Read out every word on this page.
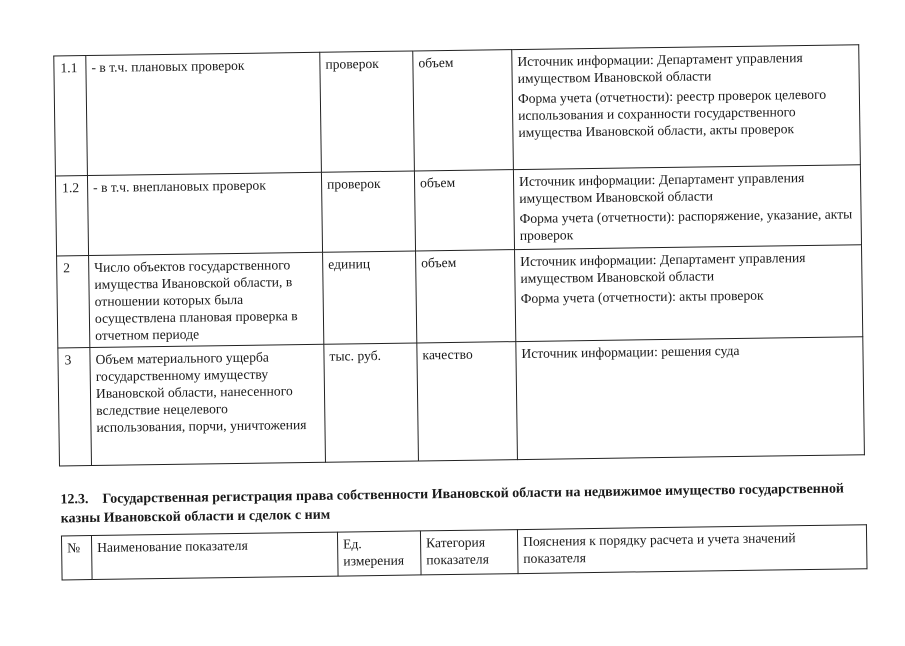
1.1	- в т.ч. плановых проверок	проверок	объем	Источник информации: Департамент управления имуществом Ивановской области

Форма учета (отчетности): реестр проверок целевого использования и сохранности государственного имущества Ивановской области, акты проверок

1.2	- в т.ч. внеплановых проверок	проверок	объем	Источник информации: Департамент управления имуществом Ивановской области

Форма учета (отчетности): распоряжение, указание, акты проверок

2	Число объектов государственного имущества Ивановской области, в отношении которых была осуществлена плановая проверка в отчетном периоде	единиц	объем	Источник информации: Департамент управления имуществом Ивановской области

Форма учета (отчетности): акты проверок

3	Объем материального ущерба государственному имуществу Ивановской области, нанесенного вследствие нецелевого использования, порчи, уничтожения	тыс. руб.	качество	Источник информации: решения суда

12.3. Государственная регистрация права собственности Ивановской области на недвижимое имущество государственной казны Ивановской области и сделок с ним

№	Наименование показателя	Ед. измерения	Категория показателя	Пояснения к порядку расчета и учета значений показателя
